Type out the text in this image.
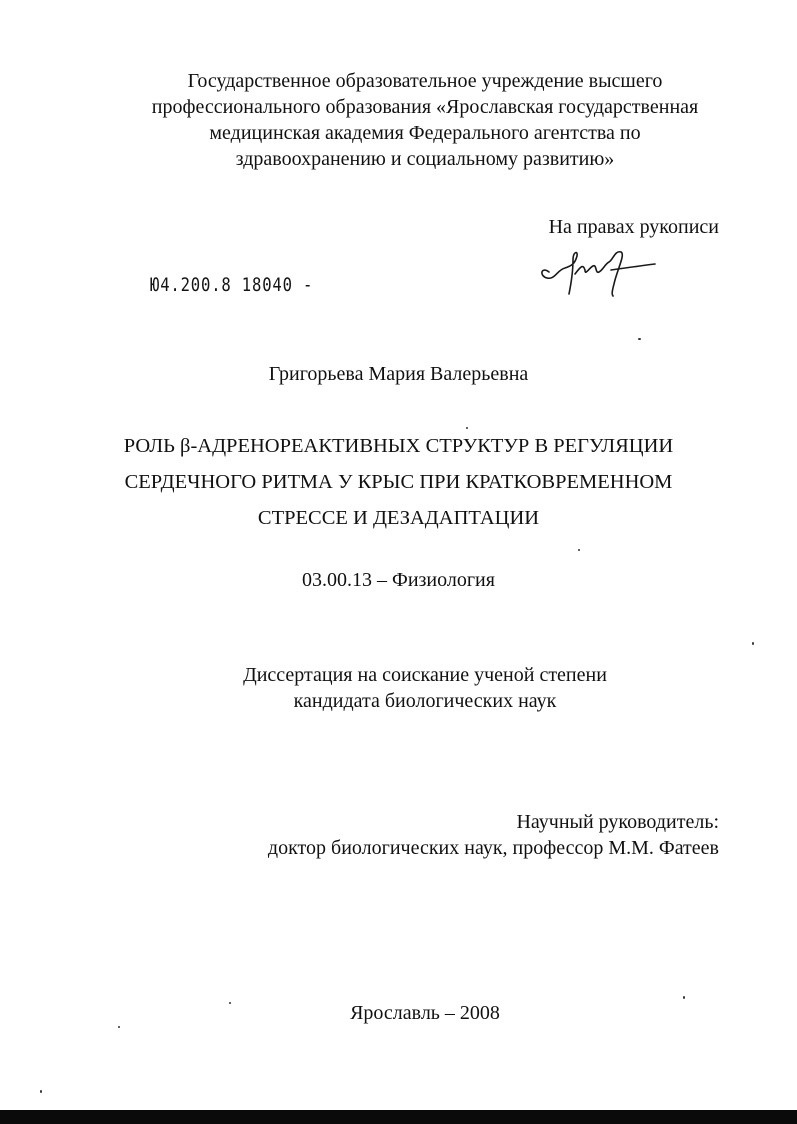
Государственное образовательное учреждение высшего
профессионального образования «Ярославская государственная
медицинская академия Федерального агентства по
здравоохранению и социальному развитию»
На правах рукописи
Ю4.200.8 18040 -
Григорьева Мария Валерьевна
РОЛЬ β-АДРЕНОРЕАКТИВНЫХ СТРУКТУР В РЕГУЛЯЦИИ
СЕРДЕЧНОГО РИТМА У КРЫС ПРИ КРАТКОВРЕМЕННОМ
СТРЕССЕ И ДЕЗАДАПТАЦИИ
03.00.13 – Физиология
Диссертация на соискание ученой степени
кандидата биологических наук
Научный руководитель:
доктор биологических наук, профессор М.М. Фатеев
Ярославль – 2008
